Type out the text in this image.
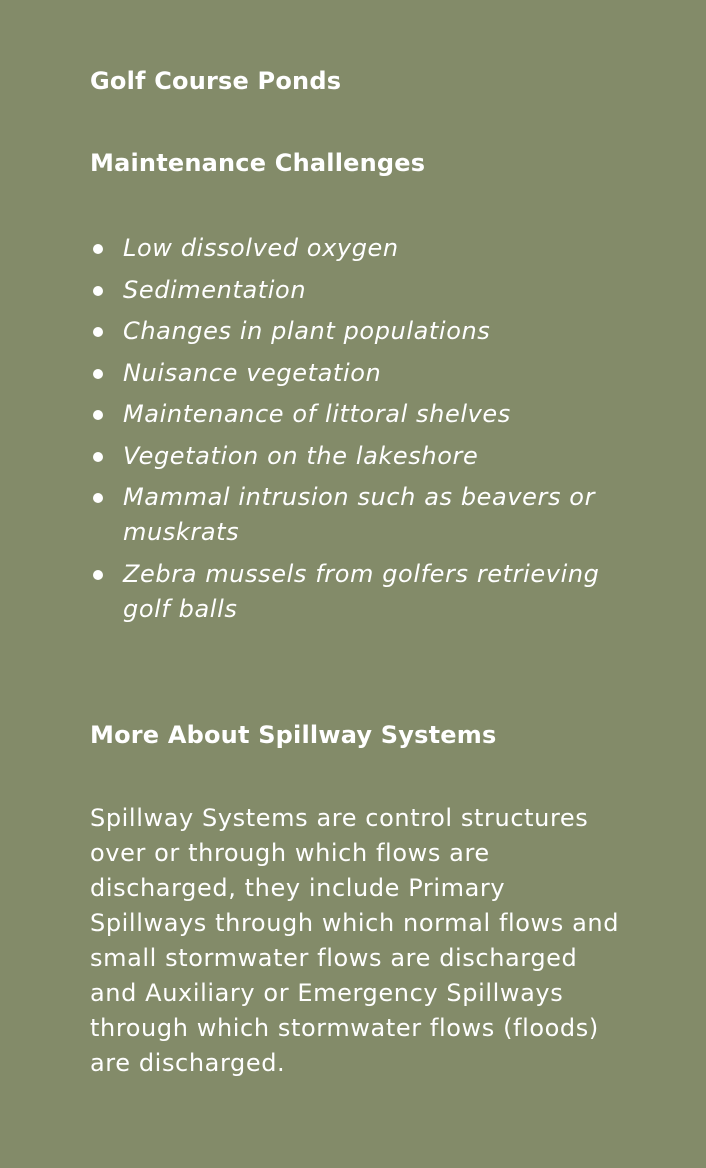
Golf Course Ponds
Maintenance Challenges
Low dissolved oxygen
Sedimentation
Changes in plant populations
Nuisance vegetation
Maintenance of littoral shelves
Vegetation on the lakeshore
Mammal intrusion such as beavers or muskrats
Zebra mussels from golfers retrieving golf balls
More About Spillway Systems

Spillway Systems are control structures over or through which flows are discharged, they include Primary Spillways through which normal flows and small stormwater flows are discharged and Auxiliary or Emergency Spillways through which stormwater flows (floods) are discharged.
